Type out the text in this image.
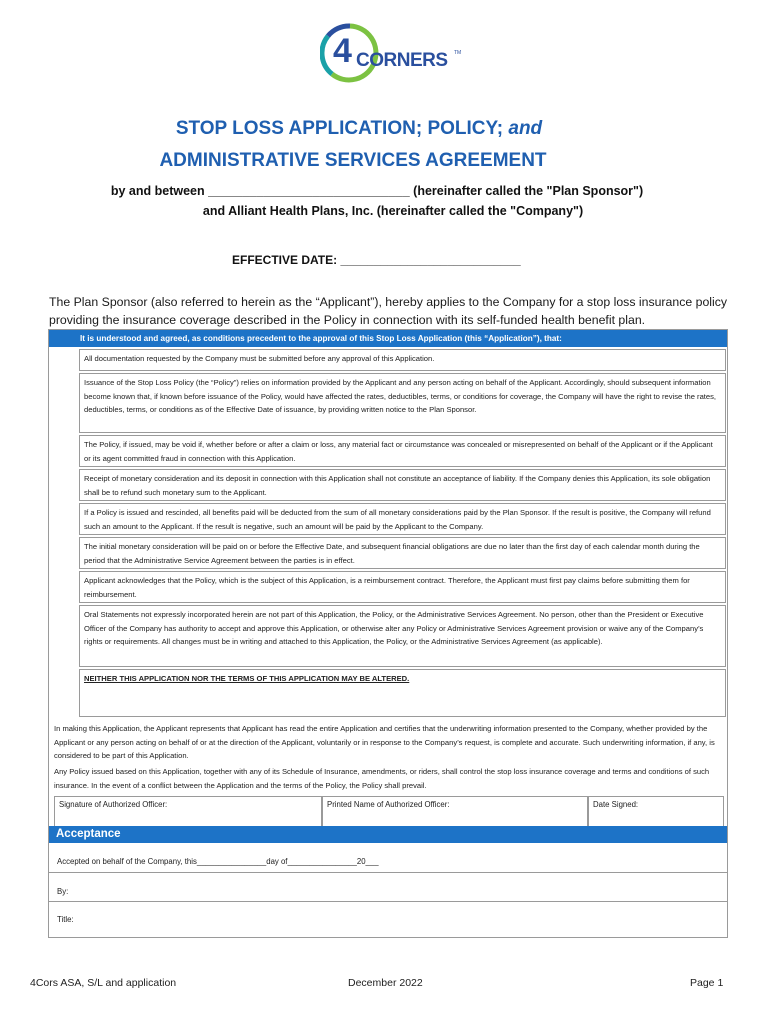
4 CORNERS TM
STOP LOSS APPLICATION; POLICY; and
ADMINISTRATIVE SERVICES AGREEMENT
by and between _____________________________ (hereinafter called the "Plan Sponsor")
and Alliant Health Plans, Inc. (hereinafter called the "Company")
EFFECTIVE DATE: ___________________________
The Plan Sponsor (also referred to herein as the “Applicant”), hereby applies to the Company for a stop loss insurance policy providing the insurance coverage described in the Policy in connection with its self-funded health benefit plan.
It is understood and agreed, as conditions precedent to the approval of this Stop Loss Application (this “Application”), that:
All documentation requested by the Company must be submitted before any approval of this Application.
Issuance of the Stop Loss Policy (the “Policy”) relies on information provided by the Applicant and any person acting on behalf of the Applicant. Accordingly, should subsequent information become known that, if known before issuance of the Policy, would have affected the rates, deductibles, terms, or conditions for coverage, the Company will have the right to revise the rates, deductibles, terms, or conditions as of the Effective Date of issuance, by providing written notice to the Plan Sponsor.
The Policy, if issued, may be void if, whether before or after a claim or loss, any material fact or circumstance was concealed or misrepresented on behalf of the Applicant or if the Applicant or its agent committed fraud in connection with this Application.
Receipt of monetary consideration and its deposit in connection with this Application shall not constitute an acceptance of liability. If the Company denies this Application, its sole obligation shall be to refund such monetary sum to the Applicant.
If a Policy is issued and rescinded, all benefits paid will be deducted from the sum of all monetary considerations paid by the Plan Sponsor. If the result is positive, the Company will refund such an amount to the Applicant. If the result is negative, such an amount will be paid by the Applicant to the Company.
The initial monetary consideration will be paid on or before the Effective Date, and subsequent financial obligations are due no later than the first day of each calendar month during the period that the Administrative Service Agreement between the parties is in effect.
Applicant acknowledges that the Policy, which is the subject of this Application, is a reimbursement contract. Therefore, the Applicant must first pay claims before submitting them for reimbursement.
Oral Statements not expressly incorporated herein are not part of this Application, the Policy, or the Administrative Services Agreement. No person, other than the President or Executive Officer of the Company has authority to accept and approve this Application, or otherwise alter any Policy or Administrative Services Agreement provision or waive any of the Company’s rights or requirements. All changes must be in writing and attached to this Application, the Policy, or the Administrative Services Agreement (as applicable).
NEITHER THIS APPLICATION NOR THE TERMS OF THIS APPLICATION MAY BE ALTERED.
In making this Application, the Applicant represents that Applicant has read the entire Application and certifies that the underwriting information presented to the Company, whether provided by the Applicant or any person acting on behalf of or at the direction of the Applicant, voluntarily or in response to the Company’s request, is complete and accurate. Such underwriting information, if any, is considered to be part of this Application.
Any Policy issued based on this Application, together with any of its Schedule of Insurance, amendments, or riders, shall control the stop loss insurance coverage and terms and conditions of such insurance. In the event of a conflict between the Application and the terms of the Policy, the Policy shall prevail.
Signature of Authorized Officer:	Printed Name of Authorized Officer:	Date Signed:
Acceptance
Accepted on behalf of the Company, this________________day of________________20___
By:
Title:
4Cors ASA, S/L and application	December 2022	Page 1
